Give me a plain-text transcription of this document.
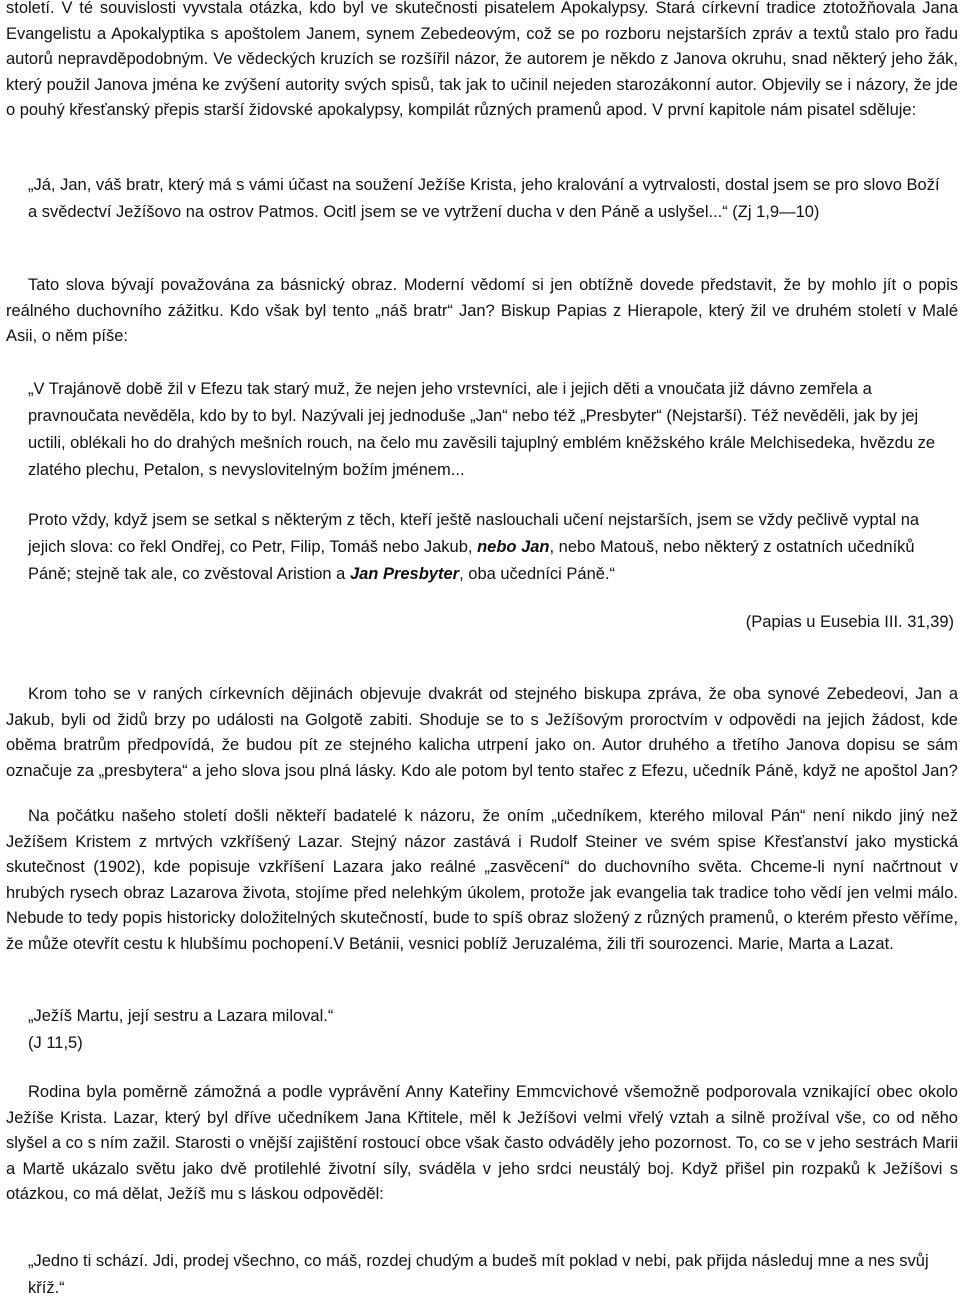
století. V té souvislosti vyvstala otázka, kdo byl ve skutečnosti pisatelem Apokalypsy. Stará církevní tradice ztotožňovala Jana Evangelistu a Apokalyptika s apoštolem Janem, synem Zebedeovým, což se po rozboru nejstarších zpráv a textů stalo pro řadu autorů nepravděpodobným. Ve vědeckých kruzích se rozšířil názor, že autorem je někdo z Janova okruhu, snad některý jeho žák, který použil Janova jména ke zvýšení autority svých spisů, tak jak to učinil nejeden starozákonní autor. Objevily se i názory, že jde o pouhý křesťanský přepis starší židovské apokalypsy, kompilát různých pramenů apod. V první kapitole nám pisatel sděluje:

„Já, Jan, váš bratr, který má s vámi účast na soužení Ježíše Krista, jeho kralování a vytrvalosti, dostal jsem se pro slovo Boží a svědectví Ježíšovo na ostrov Patmos. Ocitl jsem se ve vytržení ducha v den Páně a uslyšel...“ (Zj 1,9—10)

Tato slova bývají považována za básnický obraz. Moderní vědomí si jen obtížně dovede představit, že by mohlo jít o popis reálného duchovního zážitku. Kdo však byl tento „náš bratr“ Jan? Biskup Papias z Hierapole, který žil ve druhém století v Malé Asii, o něm píše:

„V Trajánově době žil v Efezu tak starý muž, že nejen jeho vrstevníci, ale i jejich děti a vnoučata již dávno zemřela a pravnoučata nevěděla, kdo by to byl. Nazývali jej jednoduše „Jan“ nebo též „Presbyter“ (Nejstarší). Též nevěděli, jak by jej uctili, oblékali ho do drahých mešních rouch, na čelo mu zavěsili tajuplný emblém kněžského krále Melchisedeka, hvězdu ze zlatého plechu, Petalon, s nevyslovitelným božím jménem...

Proto vždy, když jsem se setkal s některým z těch, kteří ještě naslouchali učení nejstarších, jsem se vždy pečlivě vyptal na jejich slova: co řekl Ondřej, co Petr, Filip, Tomáš nebo Jakub, nebo Jan, nebo Matouš, nebo některý z ostatních učedníků Páně; stejně tak ale, co zvěstoval Aristion a Jan Presbyter, oba učedníci Páně.“

(Papias u Eusebia III. 31,39)

Krom toho se v raných církevních dějinách objevuje dvakrát od stejného biskupa zpráva, že oba synové Zebedeovi, Jan a Jakub, byli od židů brzy po události na Golgotě zabiti. Shoduje se to s Ježíšovým proroctvím v odpovědi na jejich žádost, kde oběma bratrům předpovídá, že budou pít ze stejného kalicha utrpení jako on. Autor druhého a třetího Janova dopisu se sám označuje za „presbytera“ a jeho slova jsou plná lásky. Kdo ale potom byl tento stařec z Efezu, učedník Páně, když ne apoštol Jan?

Na počátku našeho století došli někteří badatelé k názoru, že oním „učedníkem, kterého miloval Pán“ není nikdo jiný než Ježíšem Kristem z mrtvých vzkříšený Lazar. Stejný názor zastává i Rudolf Steiner ve svém spise Křesťanství jako mystická skutečnost (1902), kde popisuje vzkříšení Lazara jako reálné „zasvěcení“ do duchovního světa. Chceme-li nyní načrtnout v hrubých rysech obraz Lazarova života, stojíme před nelehkým úkolem, protože jak evangelia tak tradice toho vědí jen velmi málo. Nebude to tedy popis historicky doložitelných skutečností, bude to spíš obraz složený z různých pramenů, o kterém přesto věříme, že může otevřít cestu k hlubšímu pochopení.V Betánii, vesnici poblíž Jeruzaléma, žili tři sourozenci. Marie, Marta a Lazat.

„Ježíš Martu, její sestru a Lazara miloval.“
(J 11,5)

Rodina byla poměrně zámožná a podle vyprávění Anny Kateřiny Emmcvichové všemožně podporovala vznikající obec okolo Ježíše Krista. Lazar, který byl dříve učedníkem Jana Křtitele, měl k Ježíšovi velmi vřelý vztah a silně prožíval vše, co od něho slyšel a co s ním zažil. Starosti o vnější zajištění rostoucí obce však často odváděly jeho pozornost. To, co se v jeho sestrách Marii a Martě ukázalo světu jako dvě protilehlé životní síly, sváděla v jeho srdci neustálý boj. Když přišel pin rozpaků k Ježíšovi s otázkou, co má dělat, Ježíš mu s láskou odpověděl:

„Jedno ti schází. Jdi, prodej všechno, co máš, rozdej chudým a budeš mít poklad v nebi, pak přijda následuj mne a nes svůj kříž.“
